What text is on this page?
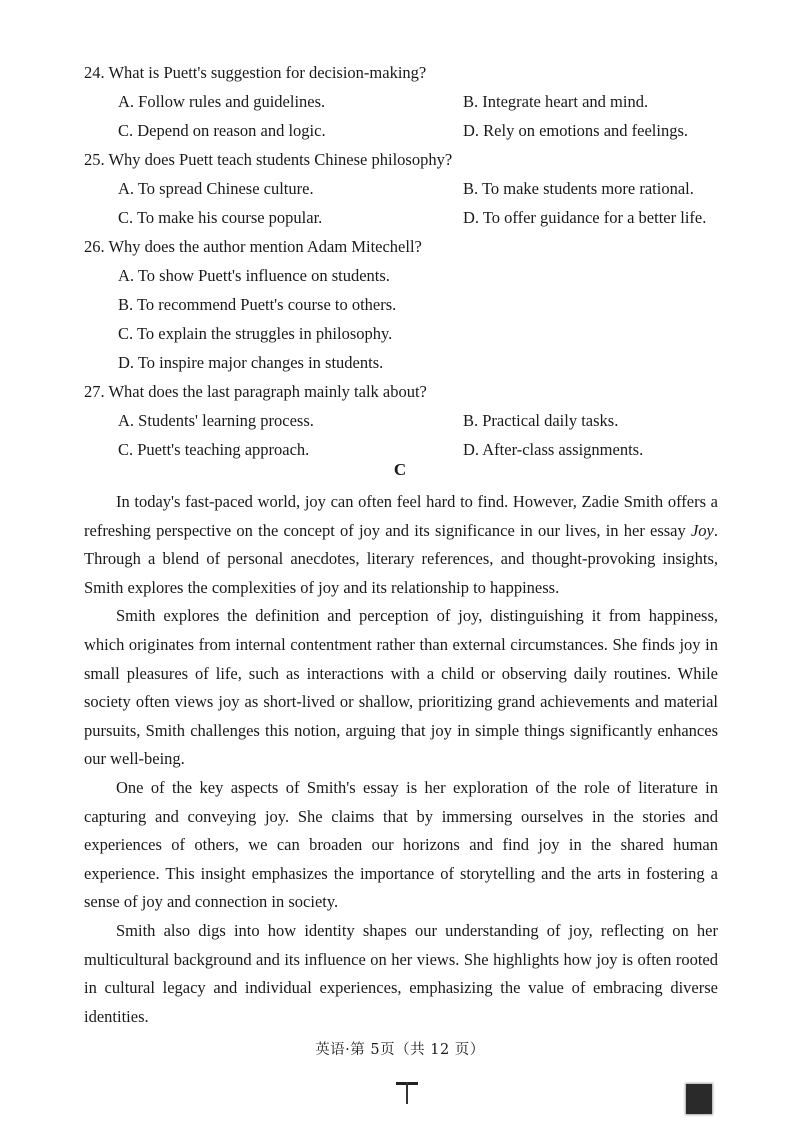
24. What is Puett's suggestion for decision-making?
A. Follow rules and guidelines.	B. Integrate heart and mind.
C. Depend on reason and logic.	D. Rely on emotions and feelings.
25. Why does Puett teach students Chinese philosophy?
A. To spread Chinese culture.	B. To make students more rational.
C. To make his course popular.	D. To offer guidance for a better life.
26. Why does the author mention Adam Mitechell?
A. To show Puett's influence on students.
B. To recommend Puett's course to others.
C. To explain the struggles in philosophy.
D. To inspire major changes in students.
27. What does the last paragraph mainly talk about?
A. Students' learning process.	B. Practical daily tasks.
C. Puett's teaching approach.	D. After-class assignments.
C

In today's fast-paced world, joy can often feel hard to find. However, Zadie Smith offers a refreshing perspective on the concept of joy and its significance in our lives, in her essay Joy. Through a blend of personal anecdotes, literary references, and thought-provoking insights, Smith explores the complexities of joy and its relationship to happiness.

Smith explores the definition and perception of joy, distinguishing it from happiness, which originates from internal contentment rather than external circumstances. She finds joy in small pleasures of life, such as interactions with a child or observing daily routines. While society often views joy as short-lived or shallow, prioritizing grand achievements and material pursuits, Smith challenges this notion, arguing that joy in simple things significantly enhances our well-being.

One of the key aspects of Smith's essay is her exploration of the role of literature in capturing and conveying joy. She claims that by immersing ourselves in the stories and experiences of others, we can broaden our horizons and find joy in the shared human experience. This insight emphasizes the importance of storytelling and the arts in fostering a sense of joy and connection in society.

Smith also digs into how identity shapes our understanding of joy, reflecting on her multicultural background and its influence on her views. She highlights how joy is often rooted in cultural legacy and individual experiences, emphasizing the value of embracing diverse identities.

英语·第 5页（共 12 页）
